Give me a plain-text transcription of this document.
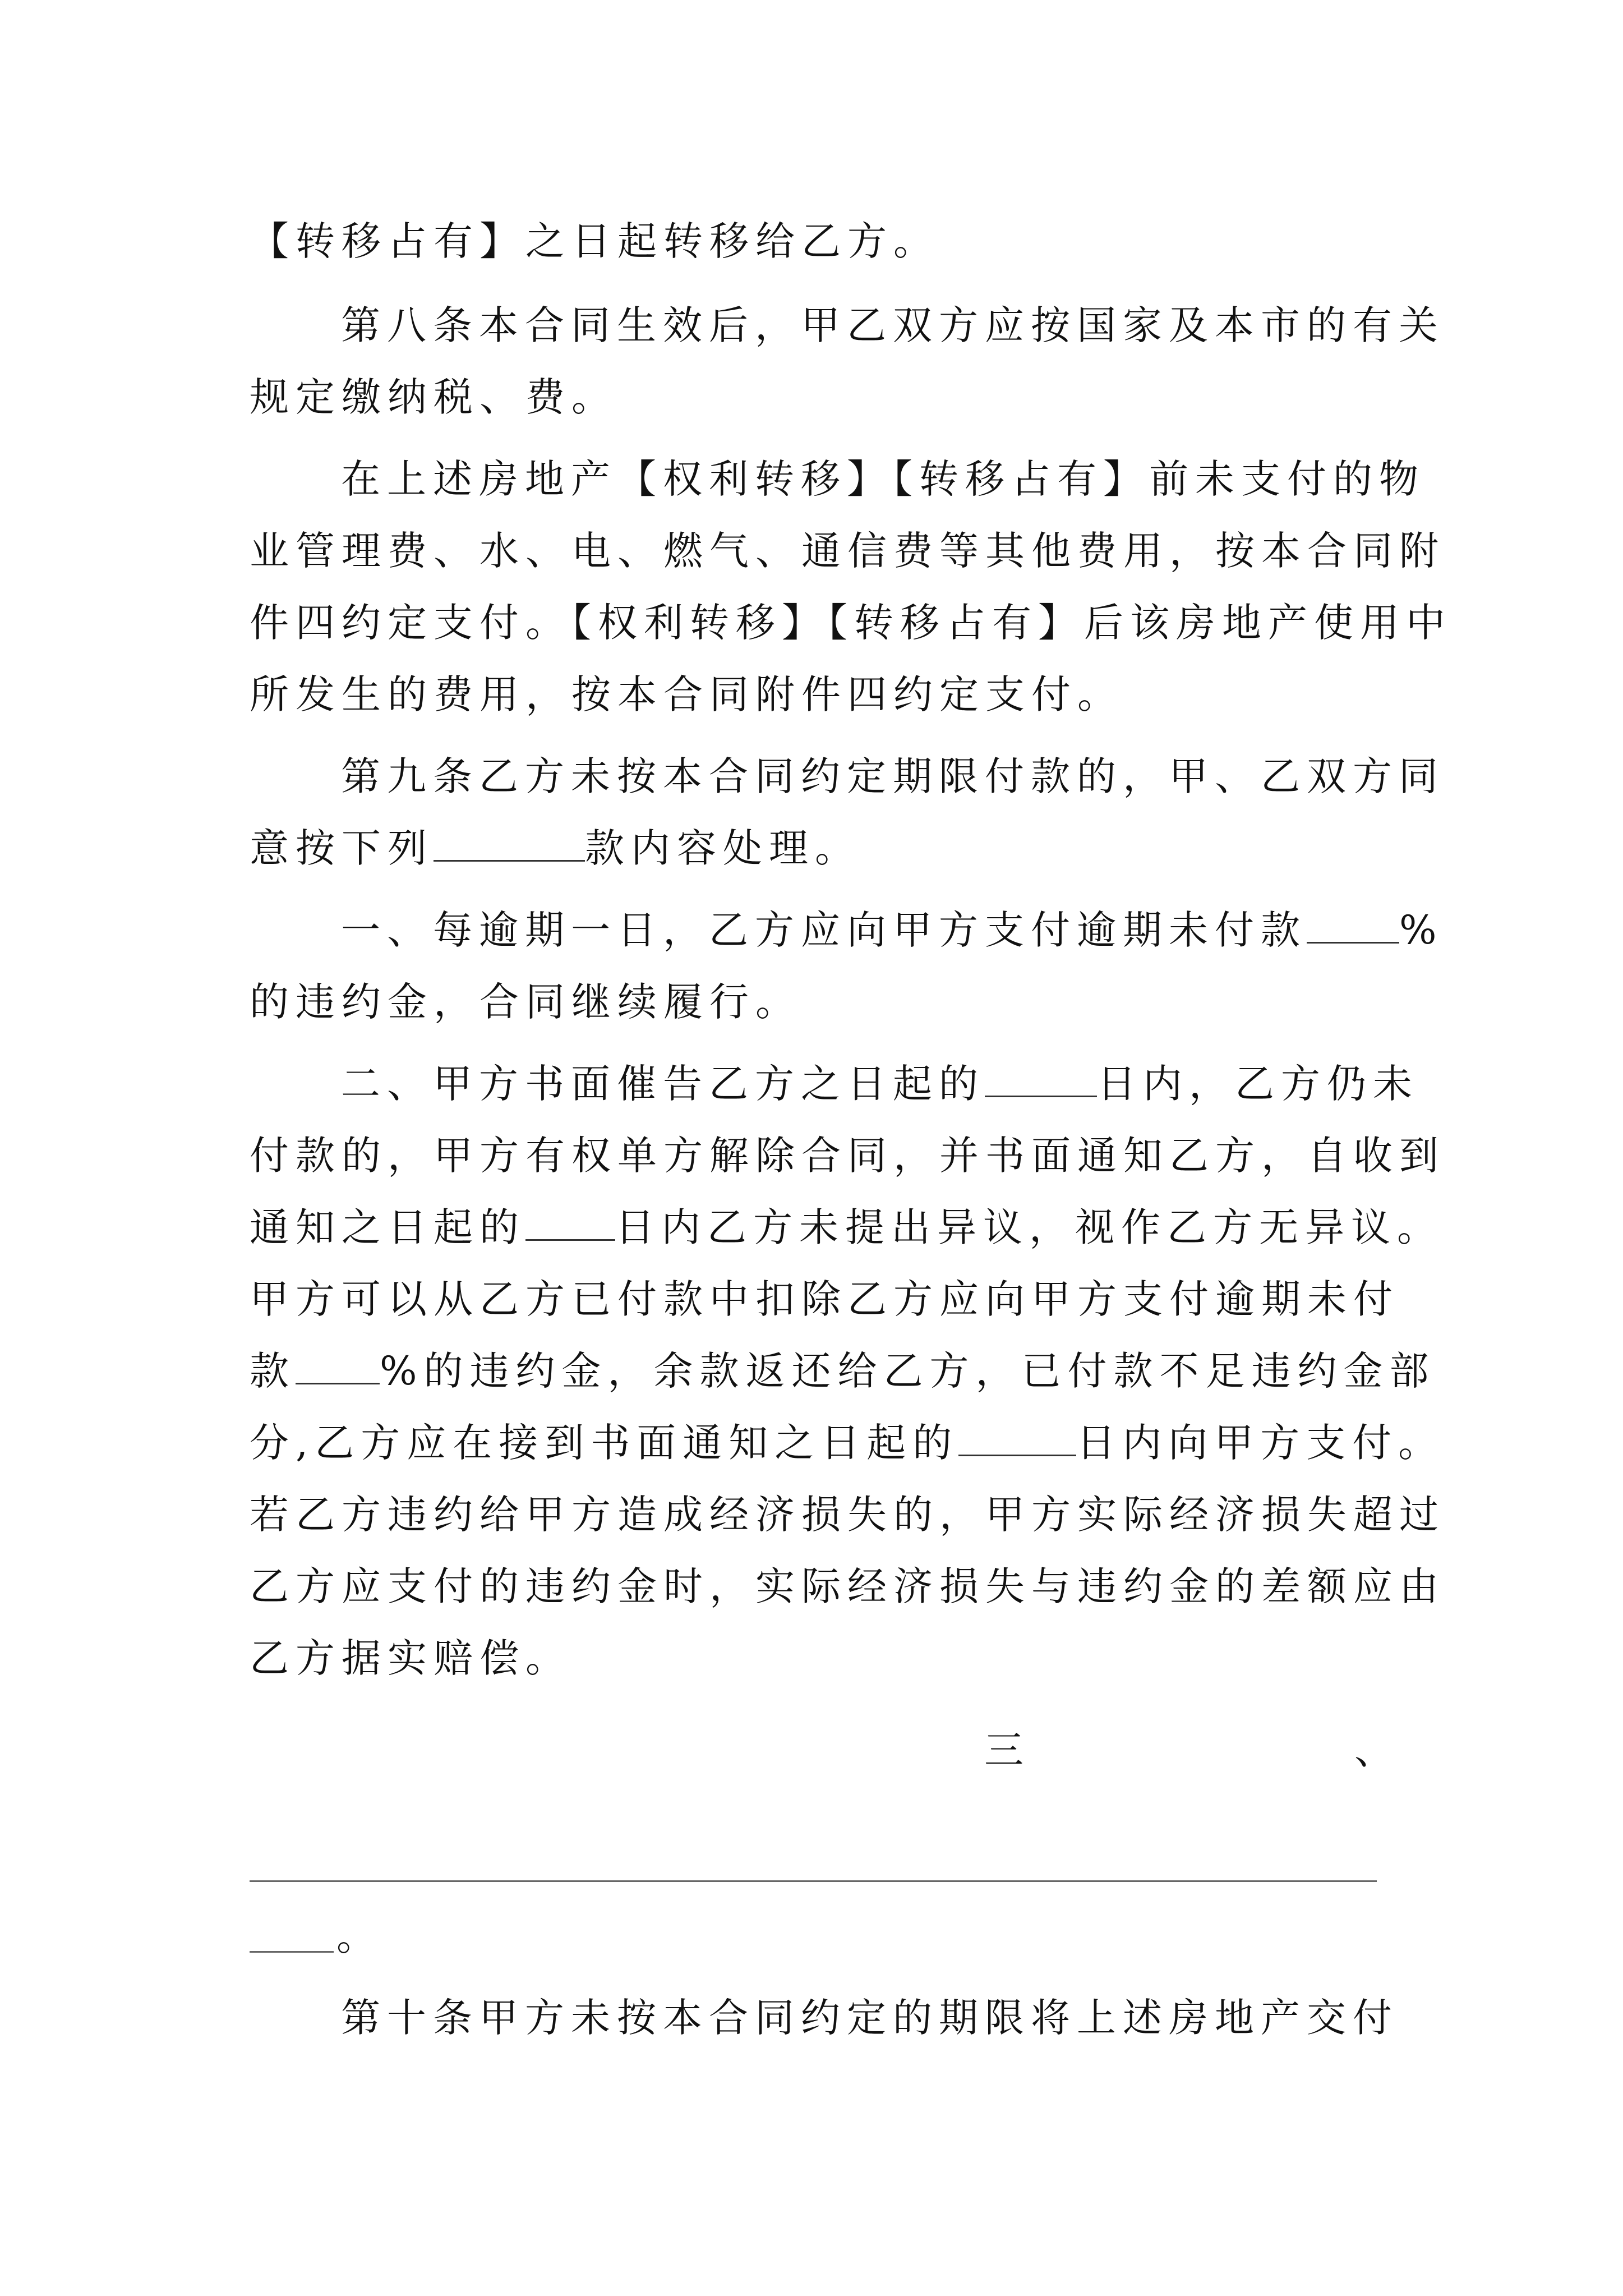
【转移占有】之日起转移给乙方。
第八条本合同生效后，甲乙双方应按国家及本市的有关
规定缴纳税、费。
在上述房地产【权利转移】【转移占有】前未支付的物
业管理费、水、电、燃气、通信费等其他费用，按本合同附
件四约定支付。【权利转移】【转移占有】后该房地产使用中
所发生的费用，按本合同附件四约定支付。
第九条乙方未按本合同约定期限付款的，甲、乙双方同
意按下列	款内容处理。
一、每逾期一日，乙方应向甲方支付逾期未付款 %
的违约金，合同继续履行。
二、甲方书面催告乙方之日起的	日内，乙方仍未
付款的，甲方有权单方解除合同，并书面通知乙方，自收到
通知之日起的 日内乙方未提出异议，视作乙方无异议。
甲方可以从乙方已付款中扣除乙方应向甲方支付逾期未付
款 %的违约金，余款返还给乙方，已付款不足违约金部
分,乙方应在接到书面通知之日起的	日内向甲方支付。
若乙方违约给甲方造成经济损失的，甲方实际经济损失超过
乙方应支付的违约金时，实际经济损失与违约金的差额应由
乙方据实赔偿。
三	、
。
第十条甲方未按本合同约定的期限将上述房地产交付
